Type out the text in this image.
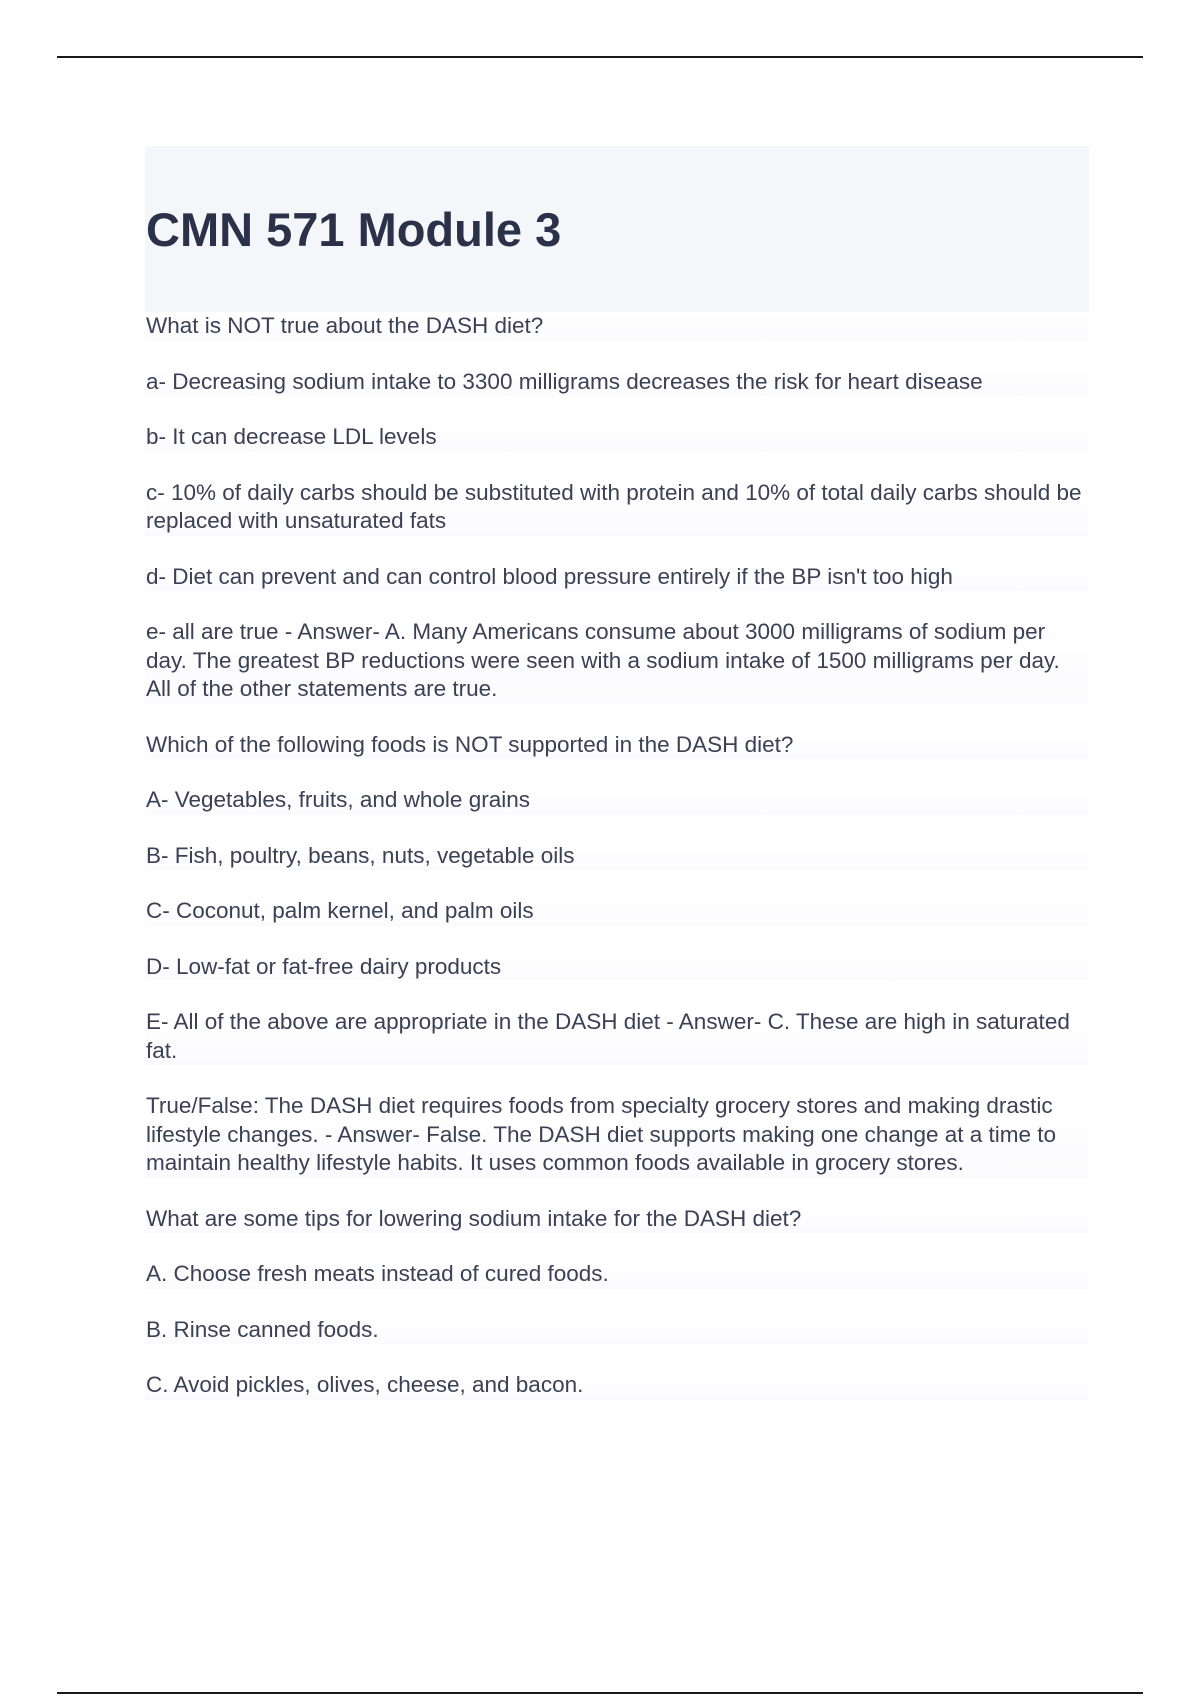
CMN 571 Module 3

What is NOT true about the DASH diet?

a- Decreasing sodium intake to 3300 milligrams decreases the risk for heart disease

b- It can decrease LDL levels

c- 10% of daily carbs should be substituted with protein and 10% of total daily carbs should be replaced with unsaturated fats

d- Diet can prevent and can control blood pressure entirely if the BP isn't too high

e- all are true - Answer- A. Many Americans consume about 3000 milligrams of sodium per day. The greatest BP reductions were seen with a sodium intake of 1500 milligrams per day. All of the other statements are true.

Which of the following foods is NOT supported in the DASH diet?

A- Vegetables, fruits, and whole grains

B- Fish, poultry, beans, nuts, vegetable oils

C- Coconut, palm kernel, and palm oils

D- Low-fat or fat-free dairy products

E- All of the above are appropriate in the DASH diet - Answer- C. These are high in saturated fat.

True/False: The DASH diet requires foods from specialty grocery stores and making drastic lifestyle changes. - Answer- False. The DASH diet supports making one change at a time to maintain healthy lifestyle habits. It uses common foods available in grocery stores.

What are some tips for lowering sodium intake for the DASH diet?

A. Choose fresh meats instead of cured foods.

B. Rinse canned foods.

C. Avoid pickles, olives, cheese, and bacon.
